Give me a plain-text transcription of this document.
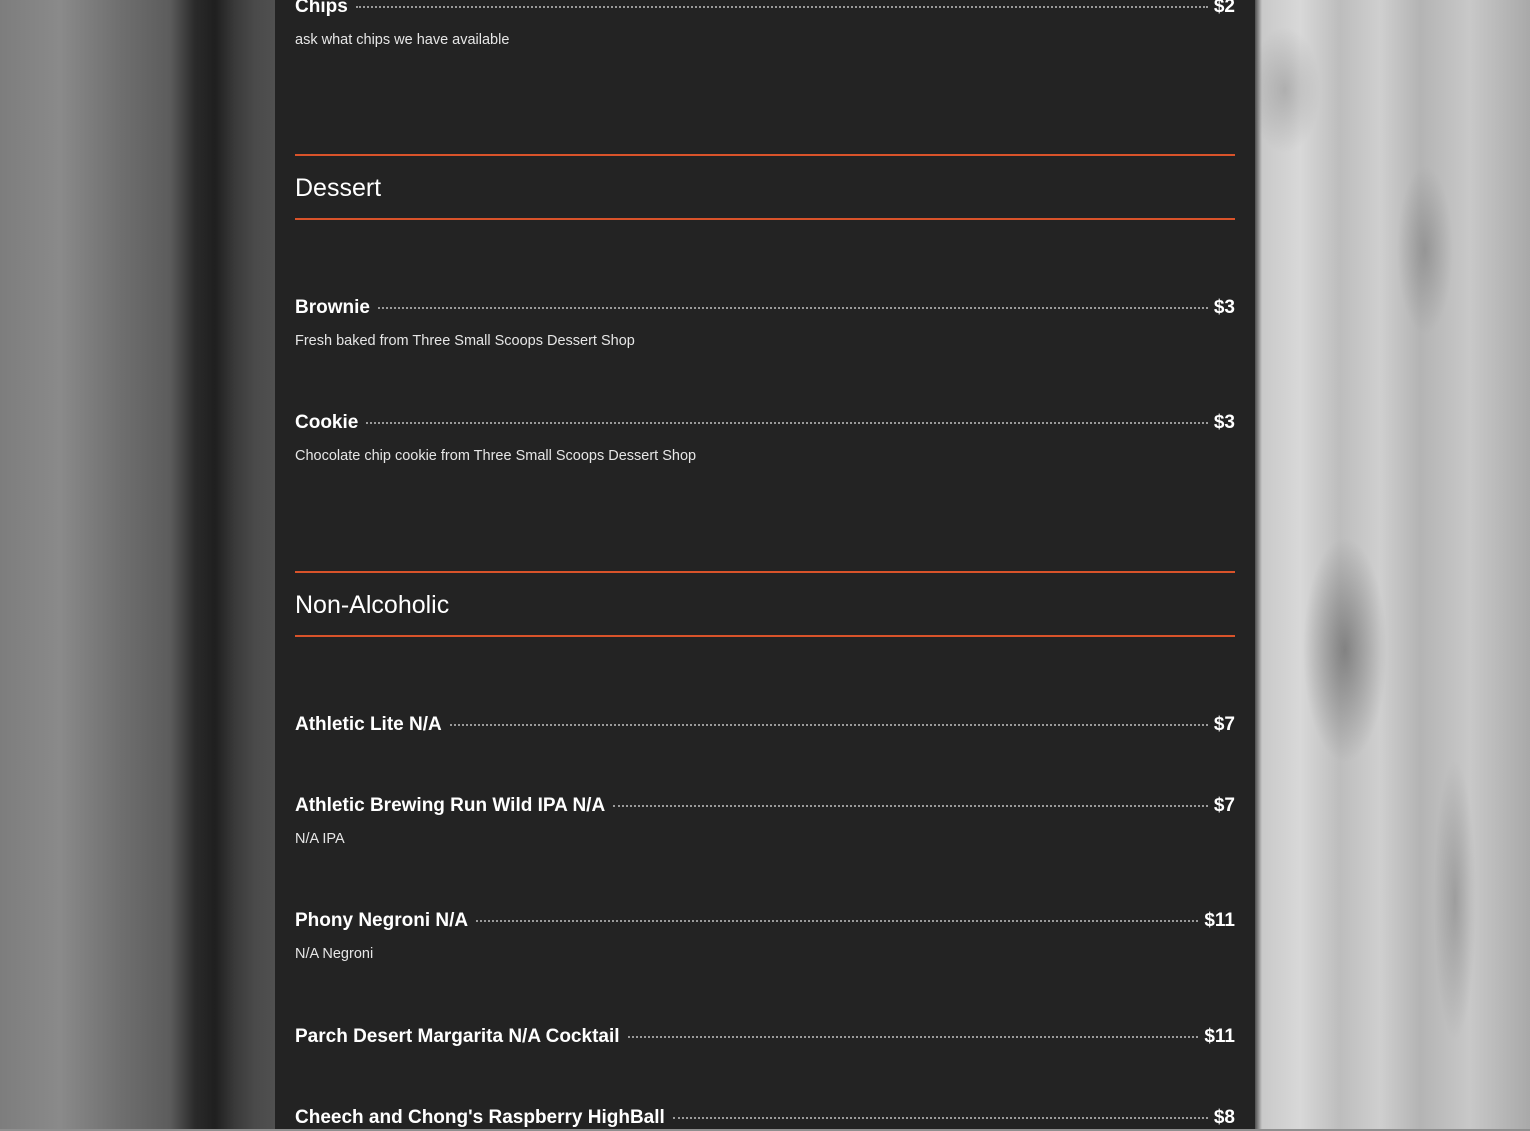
Chips	$2
ask what chips we have available
Dessert
Brownie	$3
Fresh baked from Three Small Scoops Dessert Shop
Cookie	$3
Chocolate chip cookie from Three Small Scoops Dessert Shop
Non-Alcoholic
Athletic Lite N/A	$7
Athletic Brewing Run Wild IPA N/A	$7
N/A IPA
Phony Negroni N/A	$11
N/A Negroni
Parch Desert Margarita N/A Cocktail	$11
Cheech and Chong's Raspberry HighBall	$8
